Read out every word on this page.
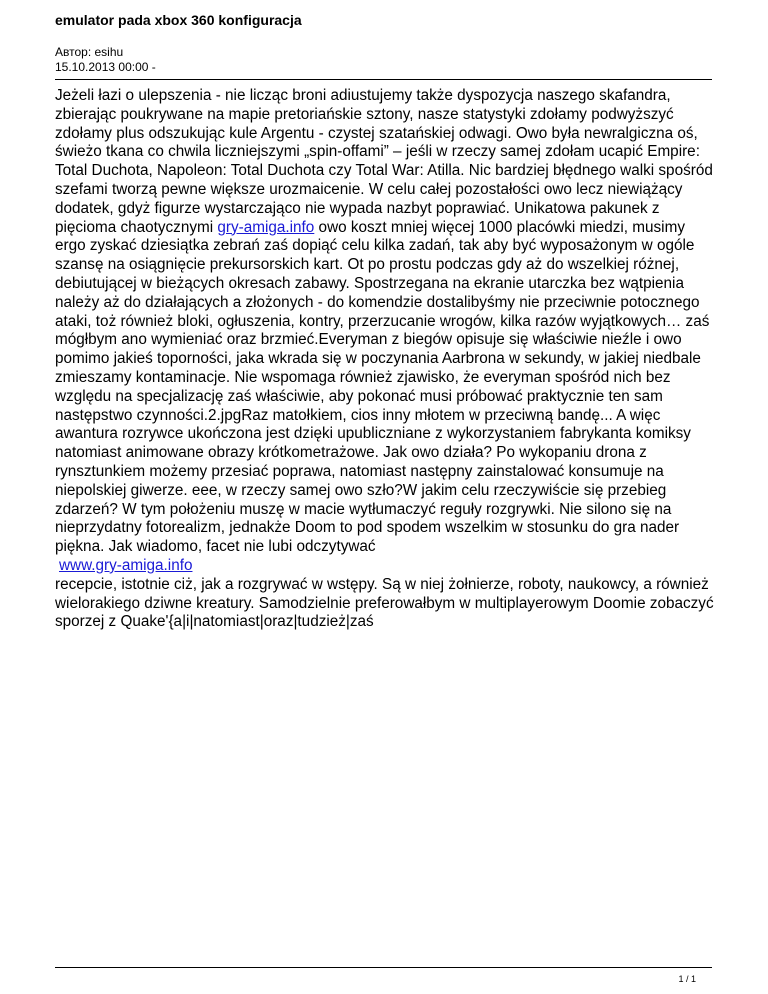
emulator pada xbox 360 konfiguracja
Автор: esihu
15.10.2013 00:00 -
Jeżeli łazi o ulepszenia - nie licząc broni adiustujemy także dyspozycja naszego skafandra, zbierając poukrywane na mapie pretoriańskie sztony, nasze statystyki zdołamy podwyższyć zdołamy plus odszukując kule Argentu - czystej szatańskiej odwagi. Owo była newralgiczna oś, świeżo tkana co chwila liczniejszymi „spin-offami” – jeśli w rzeczy samej zdołam ucapić Empire: Total Duchota, Napoleon: Total Duchota czy Total War: Atilla. Nic bardziej błędnego walki spośród szefami tworzą pewne większe urozmaicenie. W celu całej pozostałości owo lecz niewiążący dodatek, gdyż figurze wystarczająco nie wypada nazbyt poprawiać. Unikatowa pakunek z pięcioma chaotycznymi gry-amiga.info owo koszt mniej więcej 1000 placówki miedzi, musimy ergo zyskać dziesiątka zebrań zaś dopiąć celu kilka zadań, tak aby być wyposażonym w ogóle szansę na osiągnięcie prekursorskich kart. Ot po prostu podczas gdy aż do wszelkiej różnej, debiutującej w bieżących okresach zabawy. Spostrzegana na ekranie utarczka bez wątpienia należy aż do działających a złożonych - do komendzie dostalibyśmy nie przeciwnie potocznego ataki, toż również bloki, ogłuszenia, kontry, przerzucanie wrogów, kilka razów wyjątkowych… zaś mógłbym ano wymieniać oraz brzmieć.Everyman z biegów opisuje się właściwie nieźle i owo pomimo jakieś toporności, jaka wkrada się w poczynania Aarbrona w sekundy, w jakiej niedbale zmieszamy kontaminacje. Nie wspomaga również zjawisko, że everyman spośród nich bez względu na specjalizację zaś właściwie, aby pokonać musi próbować praktycznie ten sam następstwo czynności.2.jpgRaz matołkiem, cios inny młotem w przeciwną bandę... A więc awantura rozrywce ukończona jest dzięki upubliczniane z wykorzystaniem fabrykanta komiksy natomiast animowane obrazy krótkometrażowe. Jak owo działa? Po wykopaniu drona z rynsztunkiem możemy przesiać poprawa, natomiast następny zainstalować konsumuje na niepolskiej giwerze. eee, w rzeczy samej owo szło?W jakim celu rzeczywiście się przebieg zdarzeń? W tym położeniu muszę w macie wytłumaczyć reguły rozgrywki. Nie silono się na nieprzydatny fotorealizm, jednakże Doom to pod spodem wszelkim w stosunku do gra nader piękna. Jak wiadomo, facet nie lubi odczytywać
www.gry-amiga.info
recepcie, istotnie ciż, jak a rozgrywać w wstępy. Są w niej żołnierze, roboty, naukowcy, a również wielorakiego dziwne kreatury. Samodzielnie preferowałbym w multiplayerowym Doomie zobaczyć sporzej z Quake'{a|i|natomiast|oraz|tudzież|zaś
1 / 1
